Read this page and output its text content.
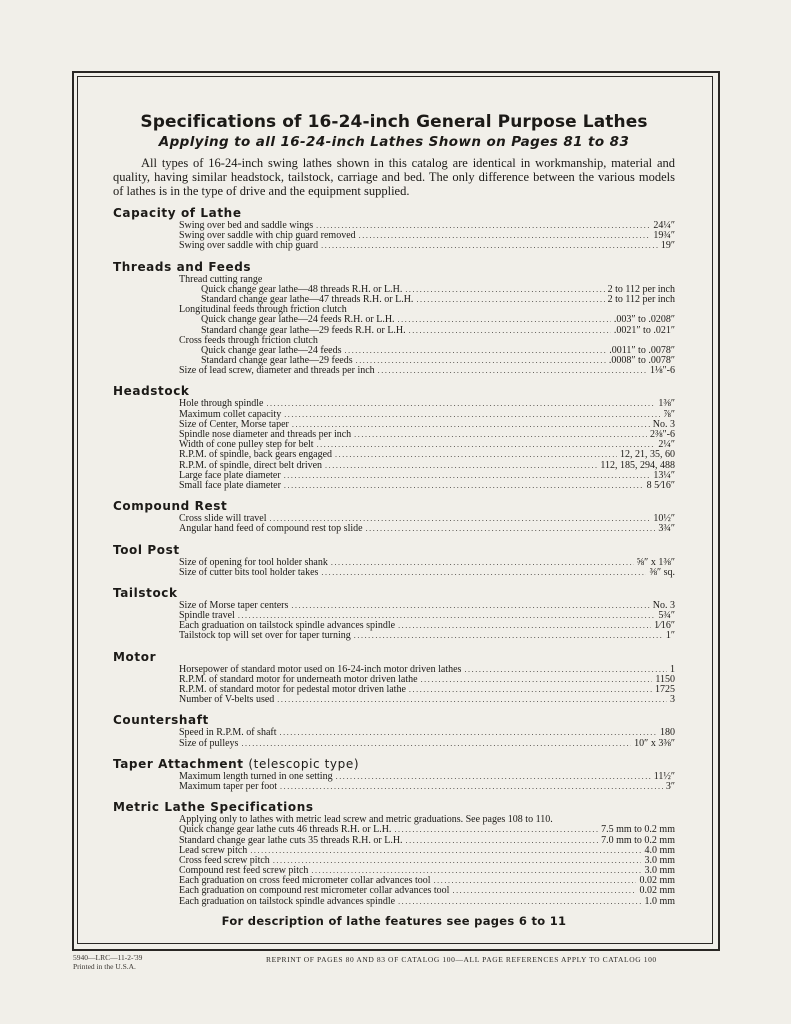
Specifications of 16-24-inch General Purpose Lathes
Applying to all 16-24-inch Lathes Shown on Pages 81 to 83

All types of 16-24-inch swing lathes shown in this catalog are identical in workmanship, material and quality, having similar headstock, tailstock, carriage and bed. The only difference between the various models of lathes is in the type of drive and the equipment supplied.

Capacity of Lathe
Swing over bed and saddle wings .....	24¼″
Swing over saddle with chip guard removed .....	19¾″
Swing over saddle with chip guard .....	19″
Threads and Feeds
Thread cutting range
Quick change gear lathe—48 threads R.H. or L.H. .....	2 to 112 per inch
Standard change gear lathe—47 threads R.H. or L.H. .....	2 to 112 per inch
Longitudinal feeds through friction clutch
Quick change gear lathe—24 feeds R.H. or L.H. .....	.003″ to .0208″
Standard change gear lathe—29 feeds R.H. or L.H. .....	.0021″ to .021″
Cross feeds through friction clutch
Quick change gear lathe—24 feeds .....	.0011″ to .0078″
Standard change gear lathe—29 feeds .....	.0008″ to .0078″
Size of lead screw, diameter and threads per inch .....	1⅛″-6
Headstock
Hole through spindle .....	1⅜″
Maximum collet capacity .....	⅞″
Size of Center, Morse taper .....	No. 3
Spindle nose diameter and threads per inch .....	2⅜″-6
Width of cone pulley step for belt .....	2¼″
R.P.M. of spindle, back gears engaged .....	12, 21, 35, 60
R.P.M. of spindle, direct belt driven .....	112, 185, 294, 488
Large face plate diameter .....	13¼″
Small face plate diameter .....	8 5⁄16″
Compound Rest
Cross slide will travel .....	10½″
Angular hand feed of compound rest top slide .....	3¾″
Tool Post
Size of opening for tool holder shank .....	⅝″ x 1⅜″
Size of cutter bits tool holder takes .....	⅜″ sq.
Tailstock
Size of Morse taper centers .....	No. 3
Spindle travel .....	5¾″
Each graduation on tailstock spindle advances spindle .....	1⁄16″
Tailstock top will set over for taper turning .....	1″
Motor
Horsepower of standard motor used on 16-24-inch motor driven lathes .....	1
R.P.M. of standard motor for underneath motor driven lathe .....	1150
R.P.M. of standard motor for pedestal motor driven lathe .....	1725
Number of V-belts used .....	3
Countershaft
Speed in R.P.M. of shaft .....	180
Size of pulleys .....	10″ x 3⅜″
Taper Attachment (telescopic type)
Maximum length turned in one setting .....	11½″
Maximum taper per foot .....	3″
Metric Lathe Specifications
Applying only to lathes with metric lead screw and metric graduations. See pages 108 to 110.
Quick change gear lathe cuts 46 threads R.H. or L.H. .....	7.5 mm to 0.2 mm
Standard change gear lathe cuts 35 threads R.H. or L.H. .....	7.0 mm to 0.2 mm
Lead screw pitch .....	4.0 mm
Cross feed screw pitch .....	3.0 mm
Compound rest feed screw pitch .....	3.0 mm
Each graduation on cross feed micrometer collar advances tool .....	0.02 mm
Each graduation on compound rest micrometer collar advances tool .....	0.02 mm
Each graduation on tailstock spindle advances spindle .....	1.0 mm
For description of lathe features see pages 6 to 11
5940—LRC—11-2-'39
Printed in the U.S.A.
REPRINT OF PAGES 80 AND 83 OF CATALOG 100—ALL PAGE REFERENCES APPLY TO CATALOG 100
